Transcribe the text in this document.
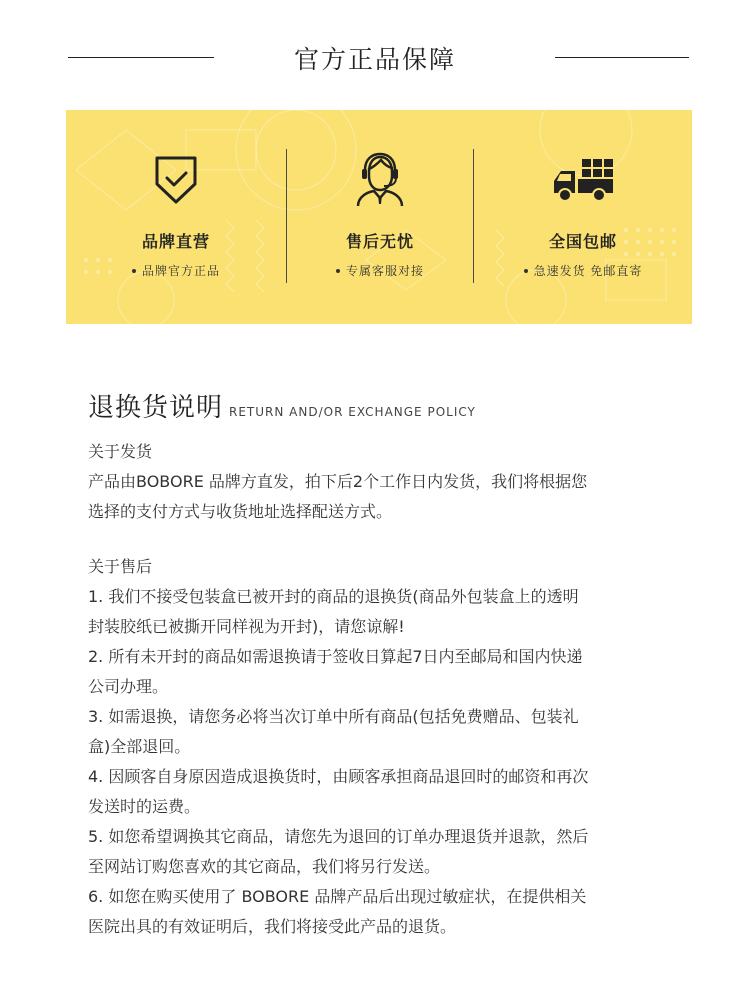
官方正品保障
品牌直营
品牌官方正品
售后无忧
专属客服对接
全国包邮
急速发货 免邮直寄
退换货说明 RETURN AND/OR EXCHANGE POLICY

关于发货

产品由BOBORE 品牌方直发，拍下后2个工作日内发货，我们将根据您

选择的支付方式与收货地址选择配送方式。

关于售后

1. 我们不接受包装盒已被开封的商品的退换货(商品外包装盒上的透明

封装胶纸已被撕开同样视为开封)，请您谅解!

2. 所有未开封的商品如需退换请于签收日算起7日内至邮局和国内快递

公司办理。

3. 如需退换，请您务必将当次订单中所有商品(包括免费赠品、包装礼

盒)全部退回。

4. 因顾客自身原因造成退换货时，由顾客承担商品退回时的邮资和再次

发送时的运费。

5. 如您希望调换其它商品，请您先为退回的订单办理退货并退款，然后

至网站订购您喜欢的其它商品，我们将另行发送。

6. 如您在购买使用了 BOBORE 品牌产品后出现过敏症状，在提供相关

医院出具的有效证明后，我们将接受此产品的退货。
